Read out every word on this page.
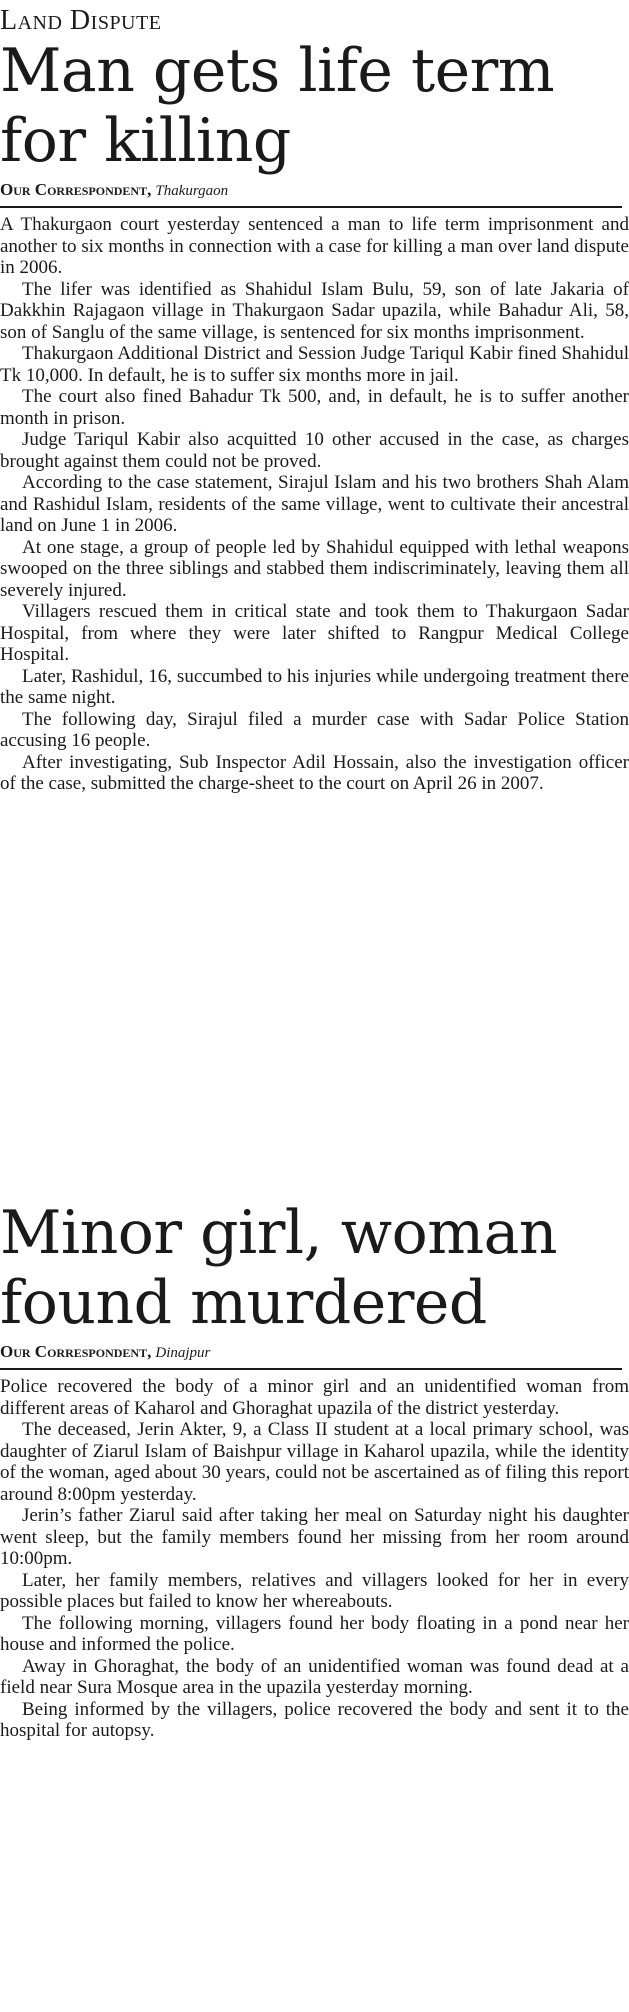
Land Dispute
Man gets life term for killing
Our Correspondent, Thakurgaon

A Thakurgaon court yesterday sentenced a man to life term imprisonment and another to six months in connection with a case for killing a man over land dispute in 2006.

The lifer was identified as Shahidul Islam Bulu, 59, son of late Jakaria of Dakkhin Rajagaon village in Thakurgaon Sadar upazila, while Bahadur Ali, 58, son of Sanglu of the same village, is sentenced for six months imprisonment.

Thakurgaon Additional District and Session Judge Tariqul Kabir fined Shahidul Tk 10,000. In default, he is to suffer six months more in jail.

The court also fined Bahadur Tk 500, and, in default, he is to suffer another month in prison.

Judge Tariqul Kabir also acquitted 10 other accused in the case, as charges brought against them could not be proved.

According to the case statement, Sirajul Islam and his two brothers Shah Alam and Rashidul Islam, residents of the same village, went to cultivate their ancestral land on June 1 in 2006.

At one stage, a group of people led by Shahidul equipped with lethal weapons swooped on the three siblings and stabbed them indiscriminately, leaving them all severely injured.

Villagers rescued them in critical state and took them to Thakurgaon Sadar Hospital, from where they were later shifted to Rangpur Medical College Hospital.

Later, Rashidul, 16, succumbed to his injuries while undergoing treatment there the same night.

The following day, Sirajul filed a murder case with Sadar Police Station accusing 16 people.

After investigating, Sub Inspector Adil Hossain, also the investigation officer of the case, submitted the charge-sheet to the court on April 26 in 2007.

Minor girl, woman found murdered
Our Correspondent, Dinajpur

Police recovered the body of a minor girl and an unidentified woman from different areas of Kaharol and Ghoraghat upazila of the district yesterday.

The deceased, Jerin Akter, 9, a Class II student at a local primary school, was daughter of Ziarul Islam of Baishpur village in Kaharol upazila, while the identity of the woman, aged about 30 years, could not be ascertained as of filing this report around 8:00pm yesterday.

Jerin’s father Ziarul said after taking her meal on Saturday night his daughter went sleep, but the family members found her missing from her room around 10:00pm.

Later, her family members, relatives and villagers looked for her in every possible places but failed to know her whereabouts.

The following morning, villagers found her body floating in a pond near her house and informed the police.

Away in Ghoraghat, the body of an unidentified woman was found dead at a field near Sura Mosque area in the upazila yesterday morning.

Being informed by the villagers, police recovered the body and sent it to the hospital for autopsy.
